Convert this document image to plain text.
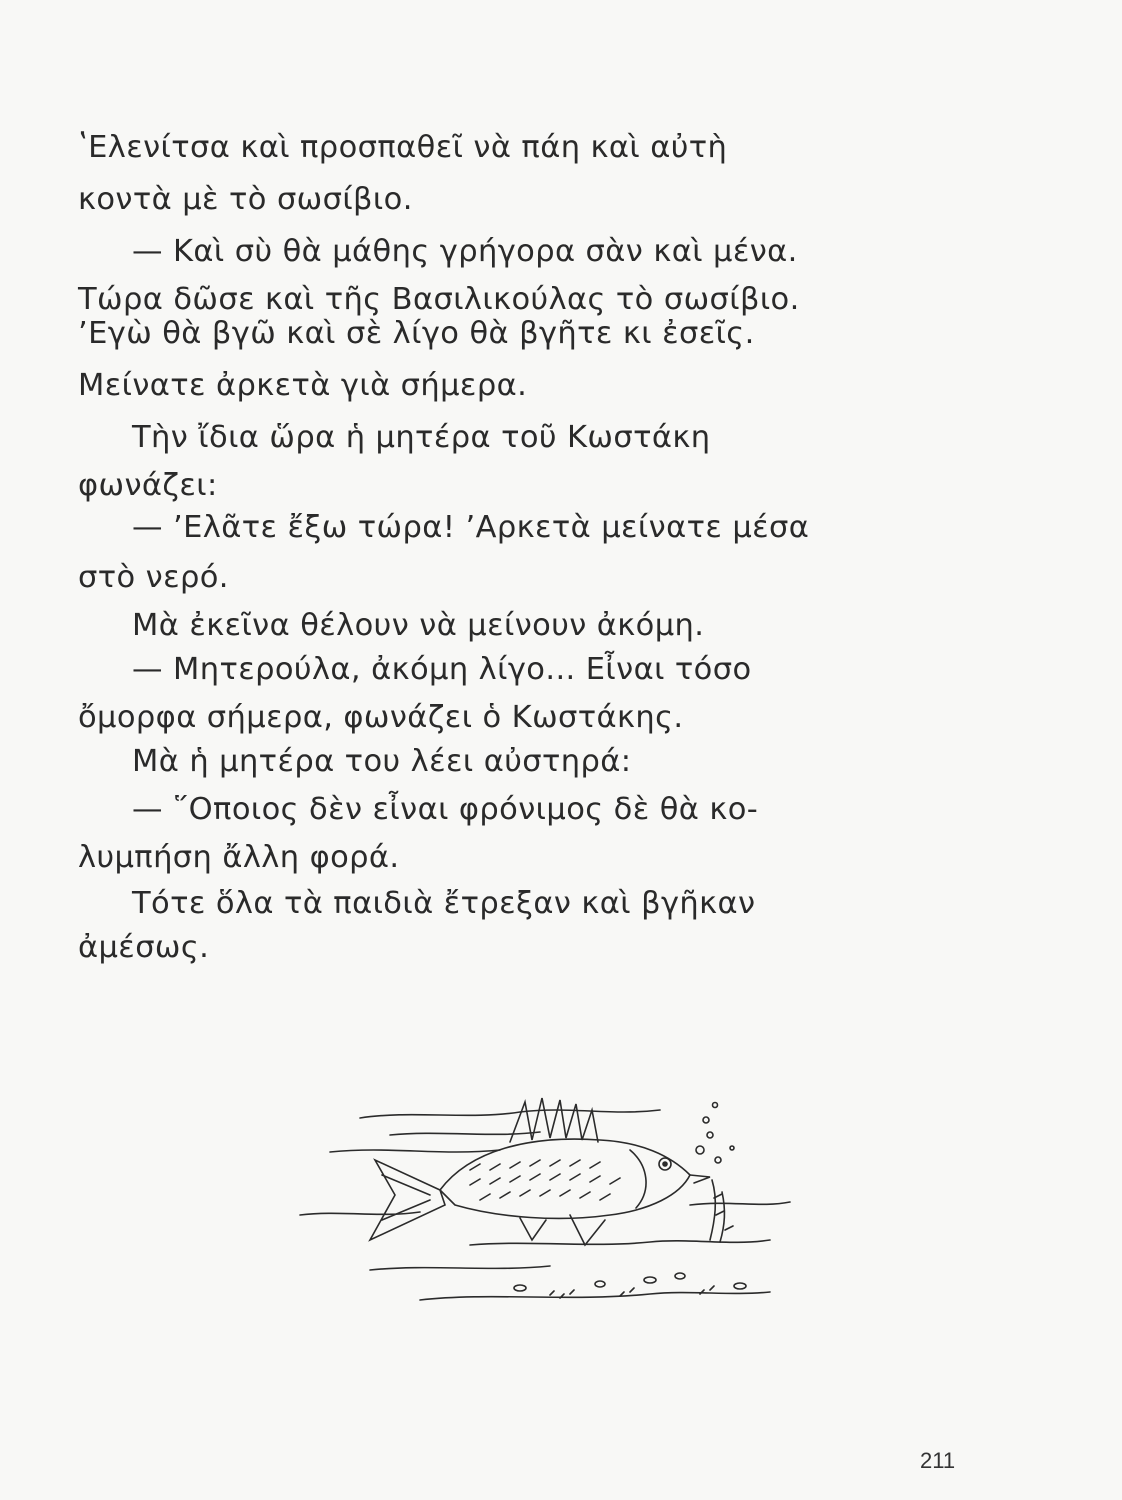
ʽΕλενίτσα καὶ προσπαθεῖ νὰ πάη καὶ αὐτὴ
κοντὰ μὲ τὸ σωσίβιο.
— Καὶ σὺ θὰ μάθης γρήγορα σὰν καὶ μένα.
Τώρα δῶσε καὶ τῆς Βασιλικούλας τὸ σωσίβιο.
ʼΕγὼ θὰ βγῶ καὶ σὲ λίγο θὰ βγῆτε κι ἐσεῖς.
Μείνατε ἀρκετὰ γιὰ σήμερα.
Τὴν ἴδια ὥρα ἡ μητέρα τοῦ Κωστάκη
φωνάζει:
— ʼΕλᾶτε ἔξω τώρα! ʼΑρκετὰ μείνατε μέσα
στὸ νερό.
Μὰ ἐκεῖνα θέλουν νὰ μείνουν ἀκόμη.
— Μητερούλα, ἀκόμη λίγο... Εἶναι τόσο
ὄμορφα σήμερα, φωνάζει ὁ Κωστάκης.
Μὰ ἡ μητέρα του λέει αὐστηρά:
— ῞Οποιος δὲν εἶναι φρόνιμος δὲ θὰ κο-
λυμπήση ἄλλη φορά.
Τότε ὅλα τὰ παιδιὰ ἔτρεξαν καὶ βγῆκαν
ἀμέσως.
211
